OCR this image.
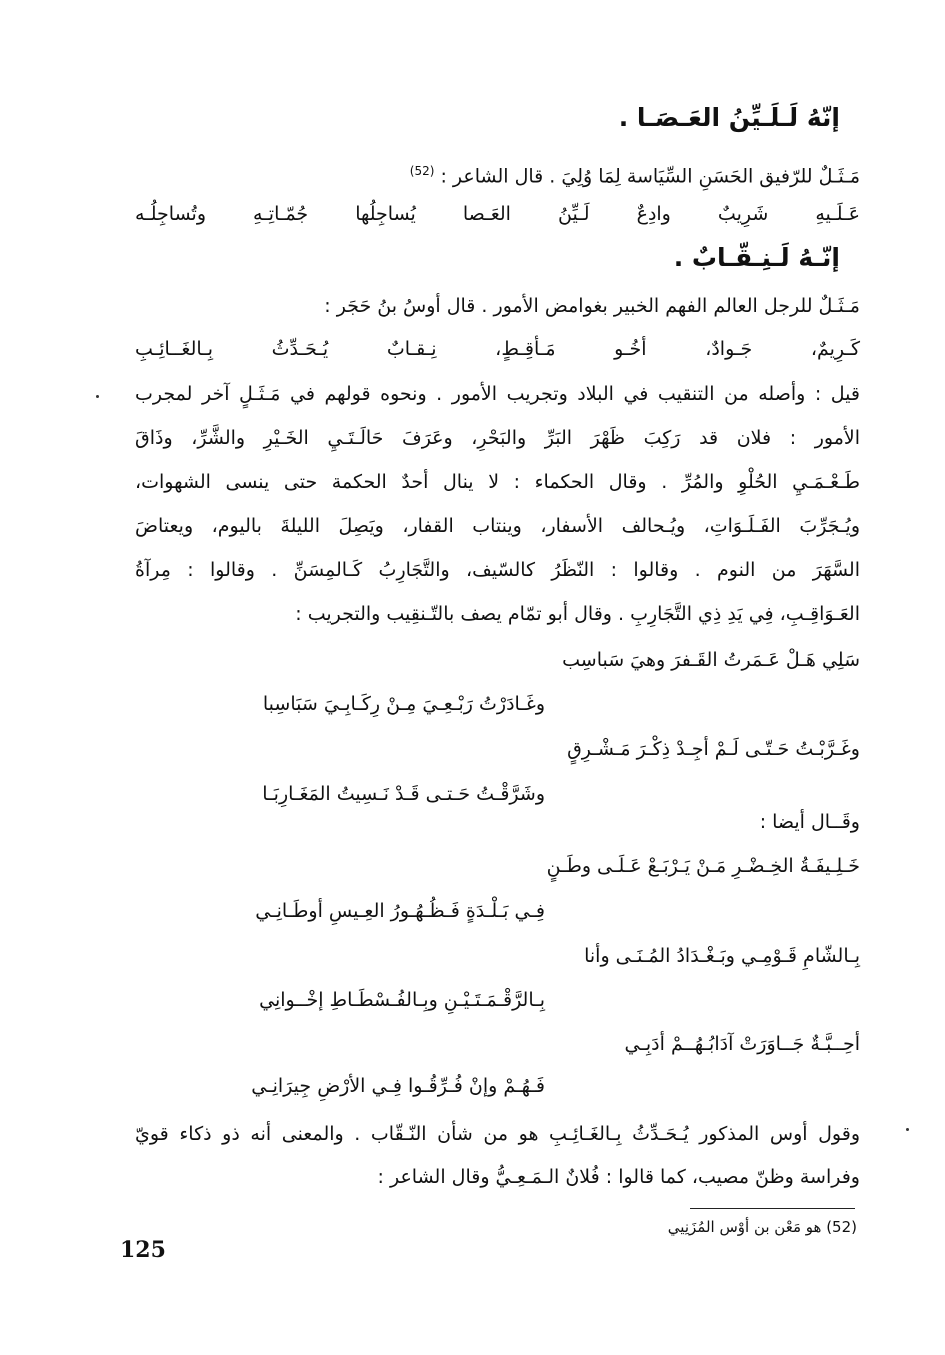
إنّهُ لَـلَـيِّنُ العَـصَـا .
مَـثَـلٌ للرّفيق الحَسَنِ السِّيَاسة لِمَا وُلِيَ . قال الشاعر : $^{(52)}$
عَـلَـيهِ شَرِيبٌ وادِعٌ لَـيِّنُ العَـصا يُساجِلُها جُمّـاتِـهِ وتُساجِلُـه
إنّـهُ لَـنِـقّـابٌ .
مَـثَـلٌ للرجل العالم الفهم الخبير بغوامض الأمور . قال أوسُ بنُ حَجَر :
كَـرِيمٌ، جَـوادٌ، أخُـو مَـأقِـطٍ، نِـقـابٌ يُـحَـدِّثُ بِـالغَــائِـبِ
قيل : وأصله من التنقيب في البلاد وتجريب الأمور . ونحوه قولهم في مَـثَـلٍ آخر لمجرب
الأمور : فلان قد رَكِبَ ظَهْرَ البَرِّ والبَحْرِ، وعَرَفَ حَالَـتَـيِ الخَـيْرِ والشَّرِّ، وذَاقَ
طَـعْـمَـيِ الحُلْوِ والمُرِّ . وقال الحكماء : لا ينال أحدٌ الحكمة حتى ينسى الشهوات،
ويُـجَرِّبَ الفَـلَـوَاتِ، ويُـحالف الأسفار، وينتاب القفار، ويَصِلَ الليلةَ باليوم، ويعتاضَ
السَّهَرَ من النوم . وقالوا : النّظَرُ كالسّيف، والتَّجَارِبُ كَـالمِسَنِّ . وقالوا : مِرآةُ
العَـوَاقِـبِ، فِي يَدِ ذِي التَّجَارِبِ . وقال أبو تمّام يصف بالتّـنقِيب والتجريب :
سَلِي هَـلْ عَـمَرتُ القَـفرَ وهيَ سَباسِب
وغَـادَرْتُ رَبْـعِـيَ مِـنْ رِكَـابِـيَ سَبَاسِبا
وغَـرَّبْـتُ حَـتّـى لَـمْ أجِـدْ ذِكْـرَ مَـشْـرِقٍ
وشَرَّقْـتُ حَـتـى قَـدْ نَـسِيتُ المَغَـارِبَـا
وقَــال أيضا :
خَـلِـيفَـةُ الخِـضْـرِ مَـنْ يَـرْبَـعْ عَـلَـى وطَـنٍ
فِـي بَـلْـدَةٍ فَـظُـهُـورُ العِـيسِ أوطَـانِـي
بِـالشّامِ قَـوْمِـي وبَـغْـدَادُ المُـنَـى وأنا
بِـالرَّقْـمَـتَـيْـنِ وبِـالفُـسْطَـاطِ إخْــوانِي
أحِــبَّـةٌ جَــاوَرَتْ آدَابُـهُــمْ أدَبِـي
فَـهُـمْ وإنْ فُـرِّقُـوا فِـي الأرْضِ جِيرَانِـي
وقول أوس المذكور يُـحَـدِّثُ بِـالغَـائِـبِ هو من شأن النّـقّاب . والمعنى أنه ذو ذكاء قويّ
وفراسة وظنّ مصيب، كما قالوا : فُلانٌ الـمَـعِـيُّ وقال الشاعر :
(52) هو مَعْن بن أوْس المُزَنِيي
125
